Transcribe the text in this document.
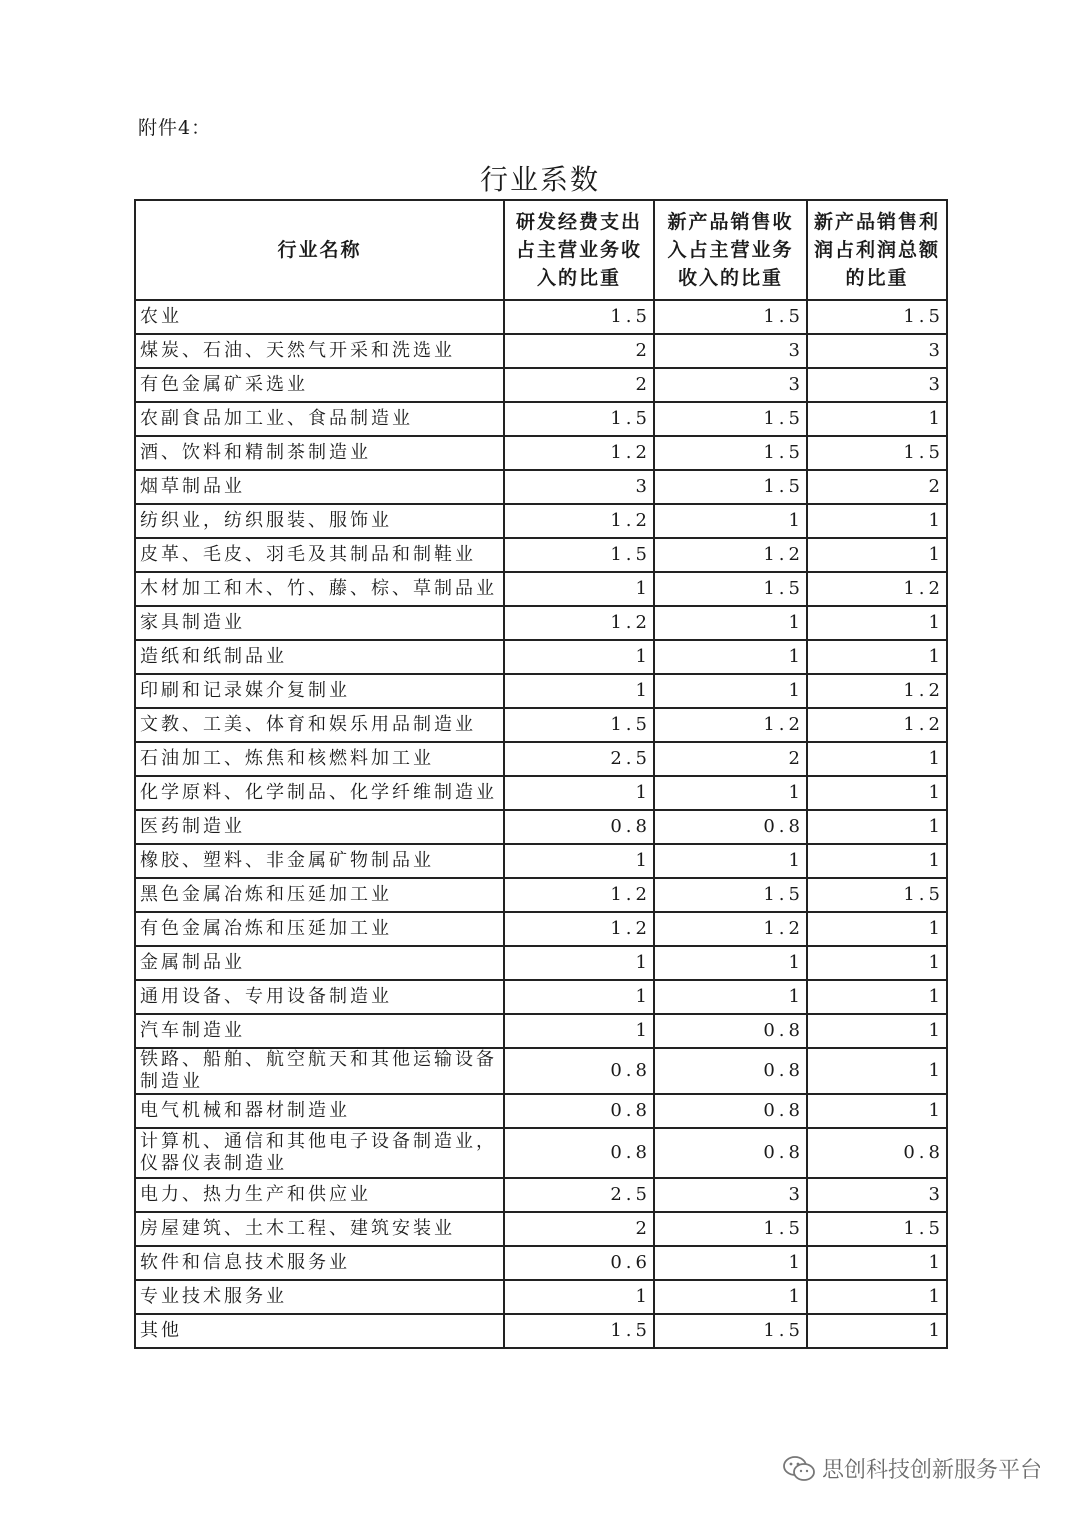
附件4：
行业系数
行业名称	研发经费支出占主营业务收入的比重	新产品销售收入占主营业务收入的比重	新产品销售利润占利润总额的比重
农业	1.5	1.5	1.5
煤炭、石油、天然气开采和洗选业	2	3	3
有色金属矿采选业	2	3	3
农副食品加工业、食品制造业	1.5	1.5	1
酒、饮料和精制茶制造业	1.2	1.5	1.5
烟草制品业	3	1.5	2
纺织业，纺织服装、服饰业	1.2	1	1
皮革、毛皮、羽毛及其制品和制鞋业	1.5	1.2	1
木材加工和木、竹、藤、棕、草制品业	1	1.5	1.2
家具制造业	1.2	1	1
造纸和纸制品业	1	1	1
印刷和记录媒介复制业	1	1	1.2
文教、工美、体育和娱乐用品制造业	1.5	1.2	1.2
石油加工、炼焦和核燃料加工业	2.5	2	1
化学原料、化学制品、化学纤维制造业	1	1	1
医药制造业	0.8	0.8	1
橡胶、塑料、非金属矿物制品业	1	1	1
黑色金属冶炼和压延加工业	1.2	1.5	1.5
有色金属冶炼和压延加工业	1.2	1.2	1
金属制品业	1	1	1
通用设备、专用设备制造业	1	1	1
汽车制造业	1	0.8	1
铁路、船舶、航空航天和其他运输设备制造业	0.8	0.8	1
电气机械和器材制造业	0.8	0.8	1
计算机、通信和其他电子设备制造业，仪器仪表制造业	0.8	0.8	0.8
电力、热力生产和供应业	2.5	3	3
房屋建筑、土木工程、建筑安装业	2	1.5	1.5
软件和信息技术服务业	0.6	1	1
专业技术服务业	1	1	1
其他	1.5	1.5	1
思创科技创新服务平台
